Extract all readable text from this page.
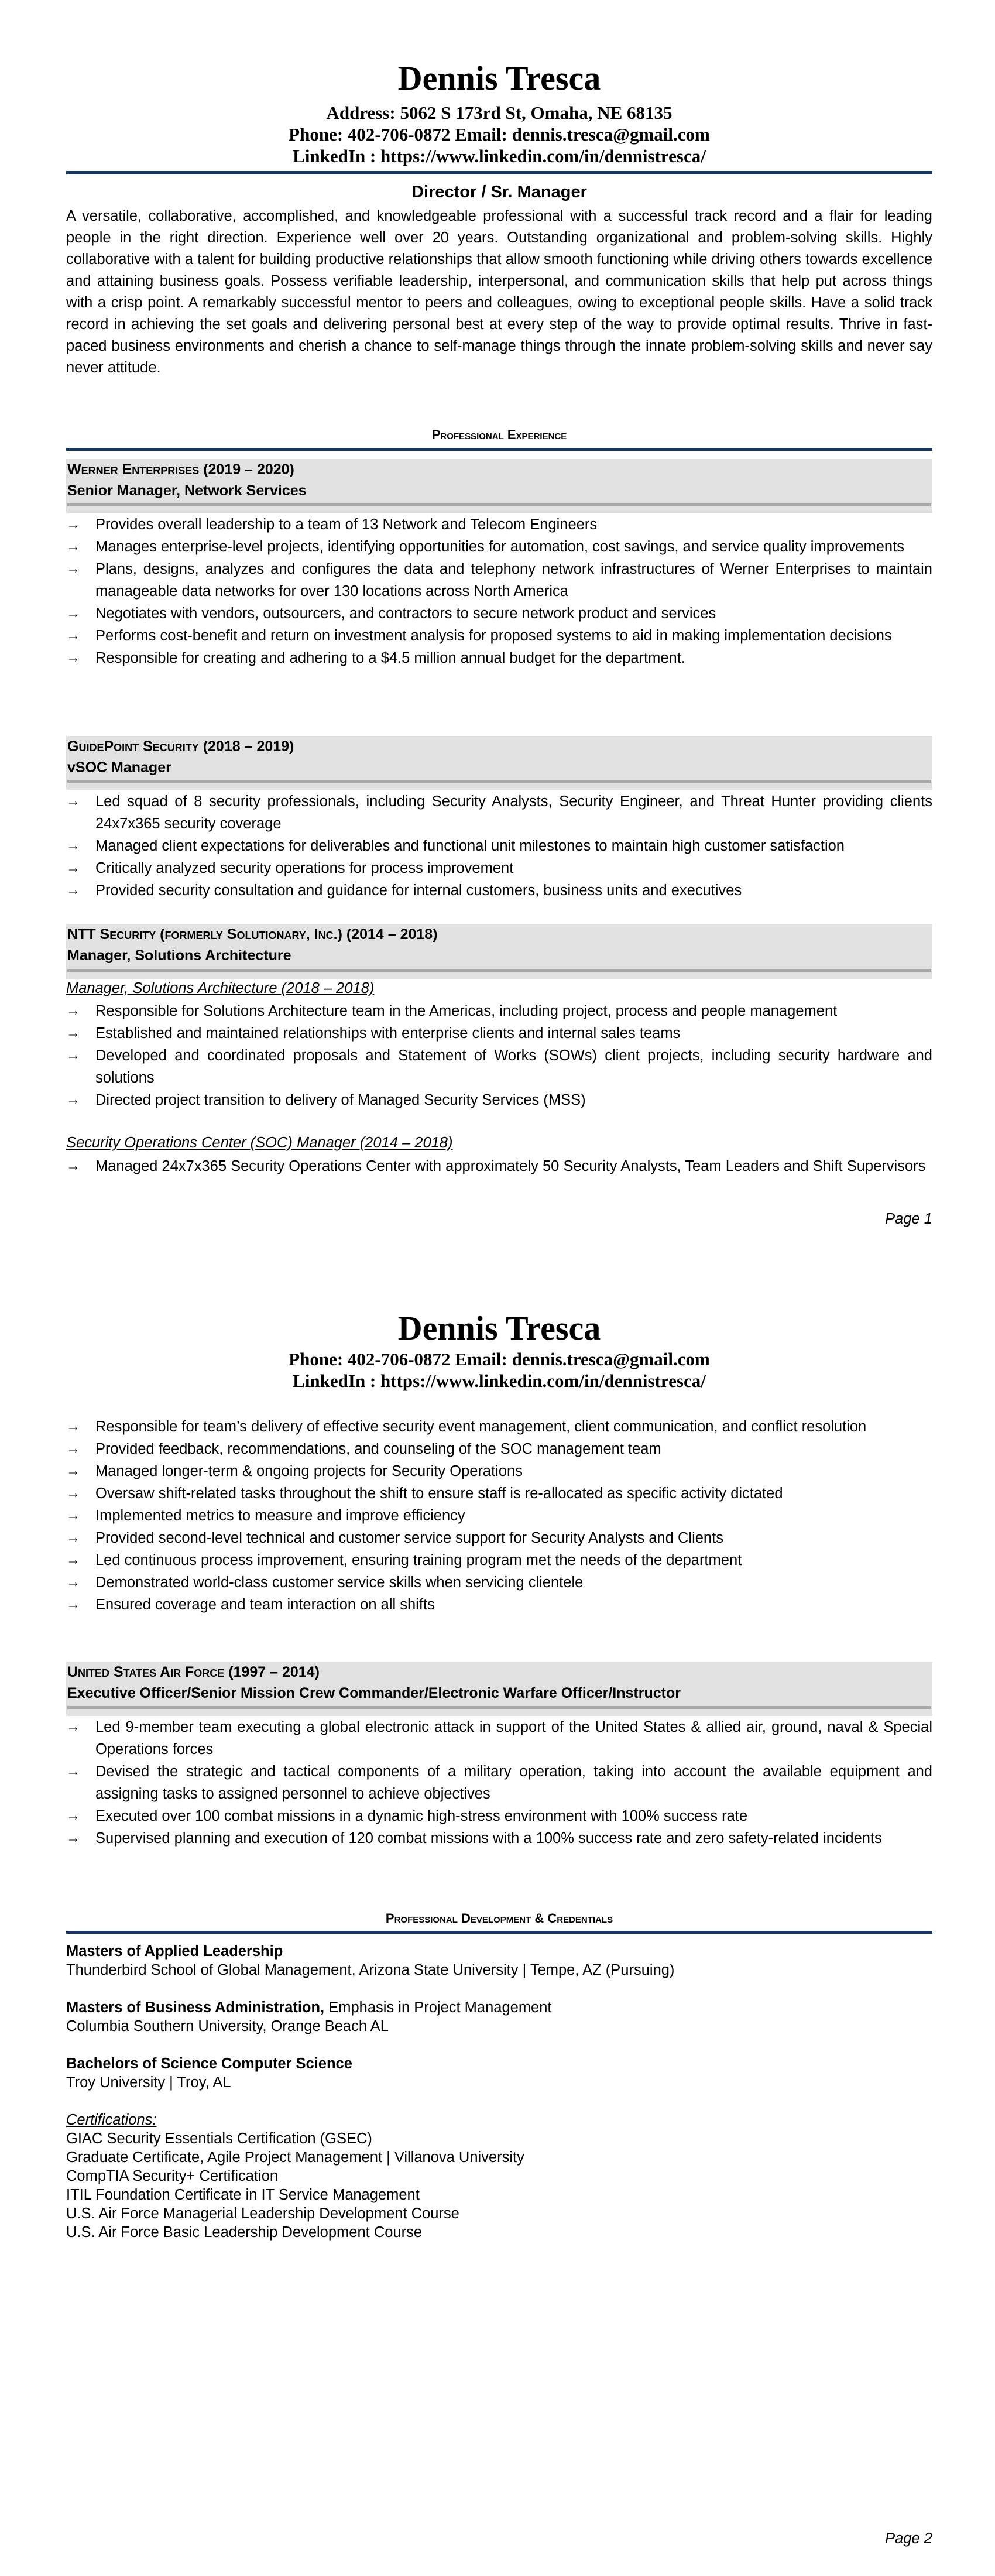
Dennis Tresca
Address: 5062 S 173rd St, Omaha, NE 68135
Phone: 402-706-0872 Email: dennis.tresca@gmail.com
LinkedIn : https://www.linkedin.com/in/dennistresca/
Director / Sr. Manager
A versatile, collaborative, accomplished, and knowledgeable professional with a successful track record and a flair for leading people in the right direction. Experience well over 20 years. Outstanding organizational and problem-solving skills. Highly collaborative with a talent for building productive relationships that allow smooth functioning while driving others towards excellence and attaining business goals. Possess verifiable leadership, interpersonal, and communication skills that help put across things with a crisp point. A remarkably successful mentor to peers and colleagues, owing to exceptional people skills. Have a solid track record in achieving the set goals and delivering personal best at every step of the way to provide optimal results. Thrive in fast-paced business environments and cherish a chance to self-manage things through the innate problem-solving skills and never say never attitude.
Professional Experience
Werner Enterprises (2019 – 2020)
Senior Manager, Network Services
→ Provides overall leadership to a team of 13 Network and Telecom Engineers
→ Manages enterprise-level projects, identifying opportunities for automation, cost savings, and service quality improvements
→ Plans, designs, analyzes and configures the data and telephony network infrastructures of Werner Enterprises to maintain manageable data networks for over 130 locations across North America
→ Negotiates with vendors, outsourcers, and contractors to secure network product and services
→ Performs cost-benefit and return on investment analysis for proposed systems to aid in making implementation decisions
→ Responsible for creating and adhering to a $4.5 million annual budget for the department.
GuidePoint Security (2018 – 2019)
vSOC Manager
→ Led squad of 8 security professionals, including Security Analysts, Security Engineer, and Threat Hunter providing clients 24x7x365 security coverage
→ Managed client expectations for deliverables and functional unit milestones to maintain high customer satisfaction
→ Critically analyzed security operations for process improvement
→ Provided security consultation and guidance for internal customers, business units and executives
NTT Security (formerly Solutionary, Inc.) (2014 – 2018)
Manager, Solutions Architecture
Manager, Solutions Architecture (2018 – 2018)
→ Responsible for Solutions Architecture team in the Americas, including project, process and people management
→ Established and maintained relationships with enterprise clients and internal sales teams
→ Developed and coordinated proposals and Statement of Works (SOWs) client projects, including security hardware and solutions
→ Directed project transition to delivery of Managed Security Services (MSS)
Security Operations Center (SOC) Manager (2014 – 2018)
→ Managed 24x7x365 Security Operations Center with approximately 50 Security Analysts, Team Leaders and Shift Supervisors
Page 1
Dennis Tresca
Phone: 402-706-0872 Email: dennis.tresca@gmail.com
LinkedIn : https://www.linkedin.com/in/dennistresca/
→ Responsible for team’s delivery of effective security event management, client communication, and conflict resolution
→ Provided feedback, recommendations, and counseling of the SOC management team
→ Managed longer-term & ongoing projects for Security Operations
→ Oversaw shift-related tasks throughout the shift to ensure staff is re-allocated as specific activity dictated
→ Implemented metrics to measure and improve efficiency
→ Provided second-level technical and customer service support for Security Analysts and Clients
→ Led continuous process improvement, ensuring training program met the needs of the department
→ Demonstrated world-class customer service skills when servicing clientele
→ Ensured coverage and team interaction on all shifts
United States Air Force (1997 – 2014)
Executive Officer/Senior Mission Crew Commander/Electronic Warfare Officer/Instructor
→ Led 9-member team executing a global electronic attack in support of the United States & allied air, ground, naval & Special Operations forces
→ Devised the strategic and tactical components of a military operation, taking into account the available equipment and assigning tasks to assigned personnel to achieve objectives
→ Executed over 100 combat missions in a dynamic high-stress environment with 100% success rate
→ Supervised planning and execution of 120 combat missions with a 100% success rate and zero safety-related incidents
Professional Development & Credentials
Masters of Applied Leadership
Thunderbird School of Global Management, Arizona State University | Tempe, AZ (Pursuing)
Masters of Business Administration, Emphasis in Project Management
Columbia Southern University, Orange Beach AL
Bachelors of Science Computer Science
Troy University | Troy, AL
Certifications:
GIAC Security Essentials Certification (GSEC)
Graduate Certificate, Agile Project Management | Villanova University
CompTIA Security+ Certification
ITIL Foundation Certificate in IT Service Management
U.S. Air Force Managerial Leadership Development Course
U.S. Air Force Basic Leadership Development Course
Page 2
